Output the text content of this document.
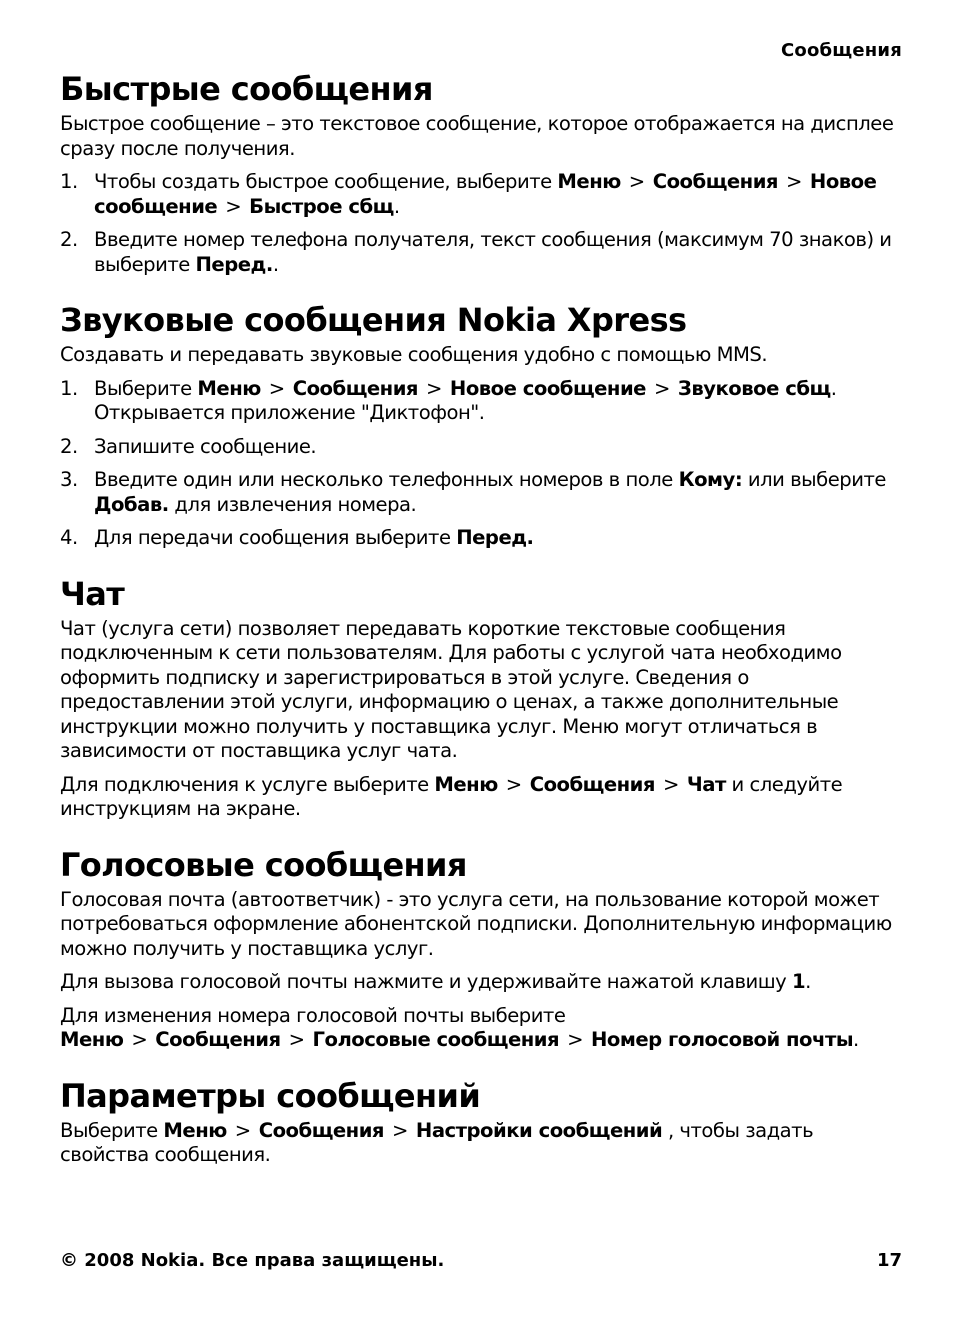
Сообщения
Быстрые сообщения

Быстрое сообщение – это текстовое сообщение, которое отображается на дисплее сразу после получения.

1. Чтобы создать быстрое сообщение, выберите Меню > Сообщения > Новое сообщение > Быстрое сбщ.
2. Введите номер телефона получателя, текст сообщения (максимум 70 знаков) и выберите Перед..
Звуковые сообщения Nokia Xpress

Создавать и передавать звуковые сообщения удобно с помощью MMS.

1. Выберите Меню > Сообщения > Новое сообщение > Звуковое сбщ. Открывается приложение "Диктофон".
2. Запишите сообщение.
3. Введите один или несколько телефонных номеров в поле Кому: или выберите Добав. для извлечения номера.
4. Для передачи сообщения выберите Перед.
Чат

Чат (услуга сети) позволяет передавать короткие текстовые сообщения подключенным к сети пользователям. Для работы с услугой чата необходимо оформить подписку и зарегистрироваться в этой услуге. Сведения о предоставлении этой услуги, информацию о ценах, а также дополнительные инструкции можно получить у поставщика услуг. Меню могут отличаться в зависимости от поставщика услуг чата.

Для подключения к услуге выберите Меню > Сообщения > Чат и следуйте инструкциям на экране.

Голосовые сообщения

Голосовая почта (автоответчик) - это услуга сети, на пользование которой может потребоваться оформление абонентской подписки. Дополнительную информацию можно получить у поставщика услуг.

Для вызова голосовой почты нажмите и удерживайте нажатой клавишу 1.

Для изменения номера голосовой почты выберите Меню > Сообщения > Голосовые сообщения > Номер голосовой почты.

Параметры сообщений

Выберите Меню > Сообщения > Настройки сообщений , чтобы задать свойства сообщения.

© 2008 Nokia. Все права защищены.	17
